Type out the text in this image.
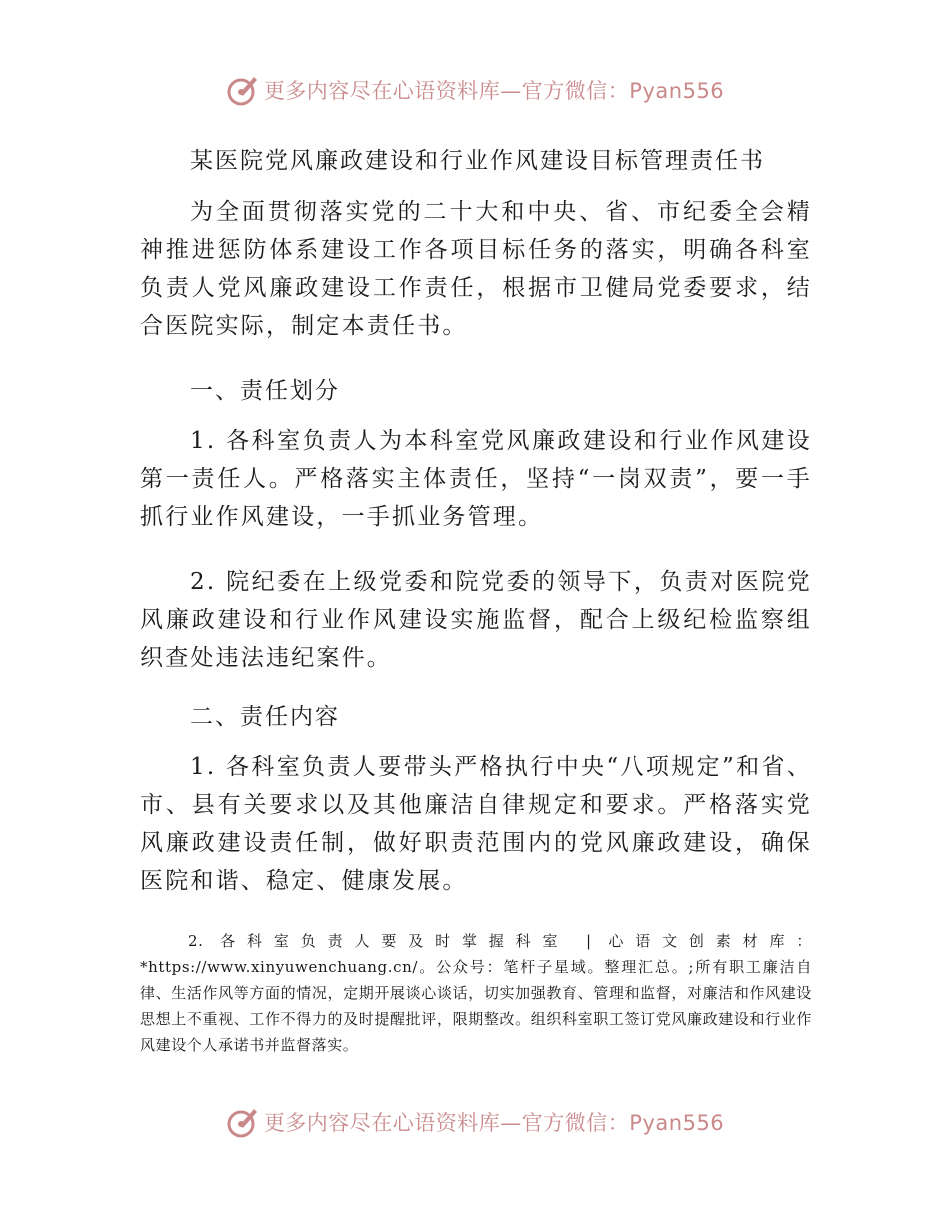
更多内容尽在心语资料库—官方微信：Pyan556
某医院党风廉政建设和行业作风建设目标管理责任书

为全面贯彻落实党的二十大和中央、省、市纪委全会精神推进惩防体系建设工作各项目标任务的落实，明确各科室负责人党风廉政建设工作责任，根据市卫健局党委要求，结合医院实际，制定本责任书。

一、责任划分

1. 各科室负责人为本科室党风廉政建设和行业作风建设第一责任人。严格落实主体责任，坚持“一岗双责”，要一手抓行业作风建设，一手抓业务管理。

2. 院纪委在上级党委和院党委的领导下，负责对医院党风廉政建设和行业作风建设实施监督，配合上级纪检监察组织查处违法违纪案件。

二、责任内容

1. 各科室负责人要带头严格执行中央“八项规定”和省、市、县有关要求以及其他廉洁自律规定和要求。严格落实党风廉政建设责任制，做好职责范围内的党风廉政建设，确保医院和谐、稳定、健康发展。

2. 各科室负责人要及时掌握科室 | 心语文创素材库：*https://www.xinyuwenchuang.cn/。公众号：笔杆子星域。整理汇总。;所有职工廉洁自律、生活作风等方面的情况，定期开展谈心谈话，切实加强教育、管理和监督，对廉洁和作风建设思想上不重视、工作不得力的及时提醒批评，限期整改。组织科室职工签订党风廉政建设和行业作风建设个人承诺书并监督落实。

更多内容尽在心语资料库—官方微信：Pyan556
